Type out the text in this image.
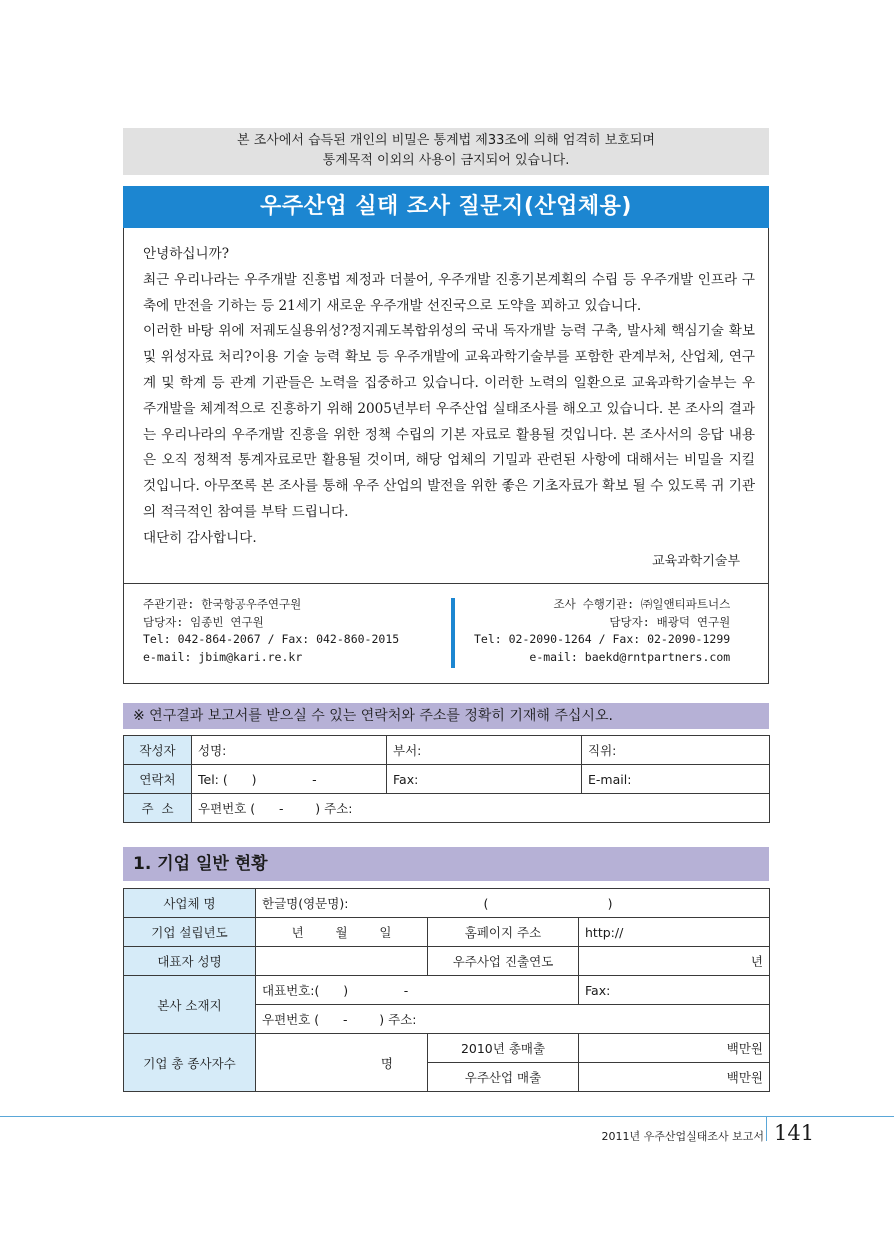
본 조사에서 습득된 개인의 비밀은 통계법 제33조에 의해 엄격히 보호되며
통계목적 이외의 사용이 금지되어 있습니다.
우주산업 실태 조사 질문지(산업체용)

안녕하십니까?

최근 우리나라는 우주개발 진흥법 제정과 더불어, 우주개발 진흥기본계획의 수립 등 우주개발 인프라 구축에 만전을 기하는 등 21세기 새로운 우주개발 선진국으로 도약을 꾀하고 있습니다.

이러한 바탕 위에 저궤도실용위성?정지궤도복합위성의 국내 독자개발 능력 구축, 발사체 핵심기술 확보 및 위성자료 처리?이용 기술 능력 확보 등 우주개발에 교육과학기술부를 포함한 관계부처, 산업체, 연구계 및 학계 등 관계 기관들은 노력을 집중하고 있습니다. 이러한 노력의 일환으로 교육과학기술부는 우주개발을 체계적으로 진흥하기 위해 2005년부터 우주산업 실태조사를 해오고 있습니다. 본 조사의 결과는 우리나라의 우주개발 진흥을 위한 정책 수립의 기본 자료로 활용될 것입니다. 본 조사서의 응답 내용은 오직 정책적 통계자료로만 활용될 것이며, 해당 업체의 기밀과 관련된 사항에 대해서는 비밀을 지킬 것입니다. 아무쪼록 본 조사를 통해 우주 산업의 발전을 위한 좋은 기초자료가 확보 될 수 있도록 귀 기관의 적극적인 참여를 부탁 드립니다.

대단히 감사합니다.

교육과학기술부
주관기관: 한국항공우주연구원
담당자: 임종빈 연구원
Tel: 042-864-2067 / Fax: 042-860-2015
e-mail: jbim@kari.re.kr
조사 수행기관: ㈜일앤티파트너스
담당자: 배광덕 연구원
Tel: 02-2090-1264 / Fax: 02-2090-1299
e-mail: baekd@rntpartners.com
※ 연구결과 보고서를 받으실 수 있는 연락처와 주소를 정확히 기재해 주십시오.
작성자	성명:	부서:	직위:
연락처	Tel: (      )              -	Fax:	E-mail:
주  소	우편번호 (      -        ) 주소:		
1. 기업 일반 현황
사업체 명	한글명(영문명):                                  (                              )		
기업 설립년도	년        월        일	홈페이지 주소	http://
대표자 성명		우주사업 진출연도	년
본사 소재지	대표번호:(      )              -		Fax:
	우편번호 (      -        ) 주소:		
기업 총 종사자수	명	2010년 총매출	백만원
		우주산업 매출	백만원
2011년 우주산업실태조사 보고서 141
